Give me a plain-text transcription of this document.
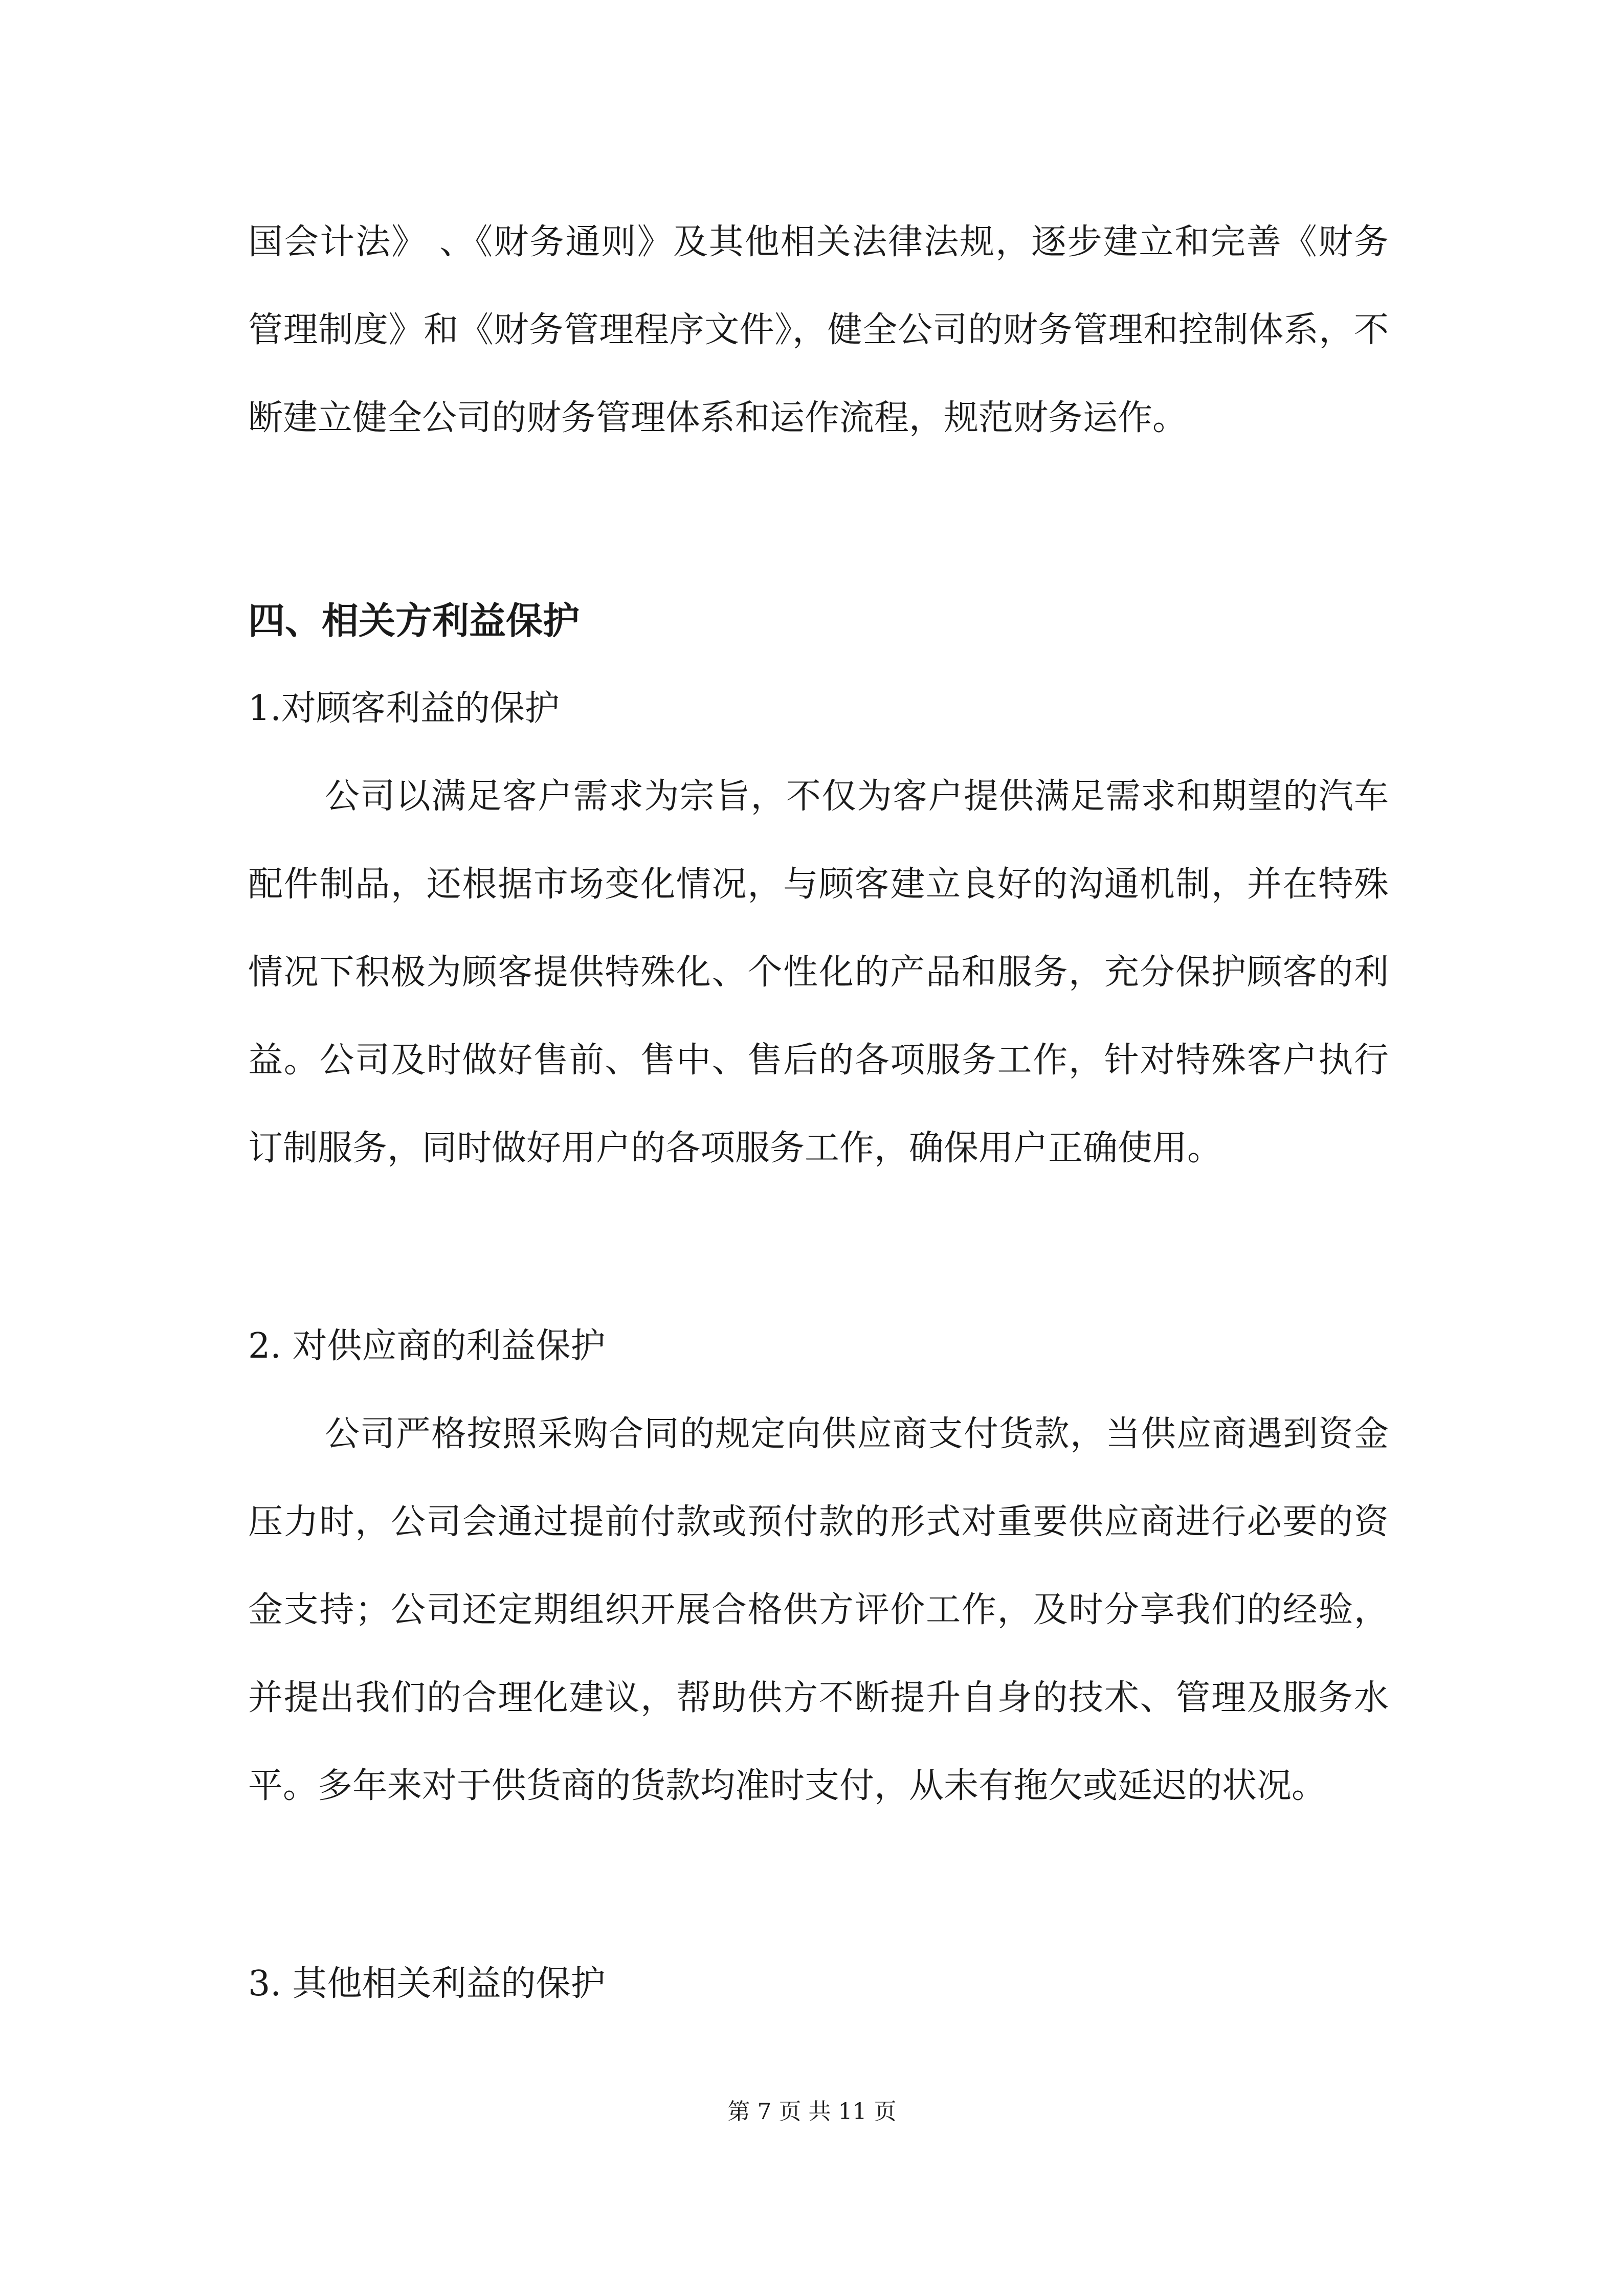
国会计法》 、《财务通则》及其他相关法律法规，逐步建立和完善《财务管理制度》和《财务管理程序文件》，健全公司的财务管理和控制体系，不断建立健全公司的财务管理体系和运作流程，规范财务运作。

四、相关方利益保护

1.对顾客利益的保护

公司以满足客户需求为宗旨，不仅为客户提供满足需求和期望的汽车配件制品，还根据市场变化情况，与顾客建立良好的沟通机制，并在特殊情况下积极为顾客提供特殊化、个性化的产品和服务，充分保护顾客的利益。公司及时做好售前、售中、售后的各项服务工作，针对特殊客户执行订制服务，同时做好用户的各项服务工作，确保用户正确使用。

2. 对供应商的利益保护

公司严格按照采购合同的规定向供应商支付货款，当供应商遇到资金压力时，公司会通过提前付款或预付款的形式对重要供应商进行必要的资金支持；公司还定期组织开展合格供方评价工作，及时分享我们的经验，并提出我们的合理化建议，帮助供方不断提升自身的技术、管理及服务水平。多年来对于供货商的货款均准时支付，从未有拖欠或延迟的状况。

3. 其他相关利益的保护

第 7 页 共 11 页
